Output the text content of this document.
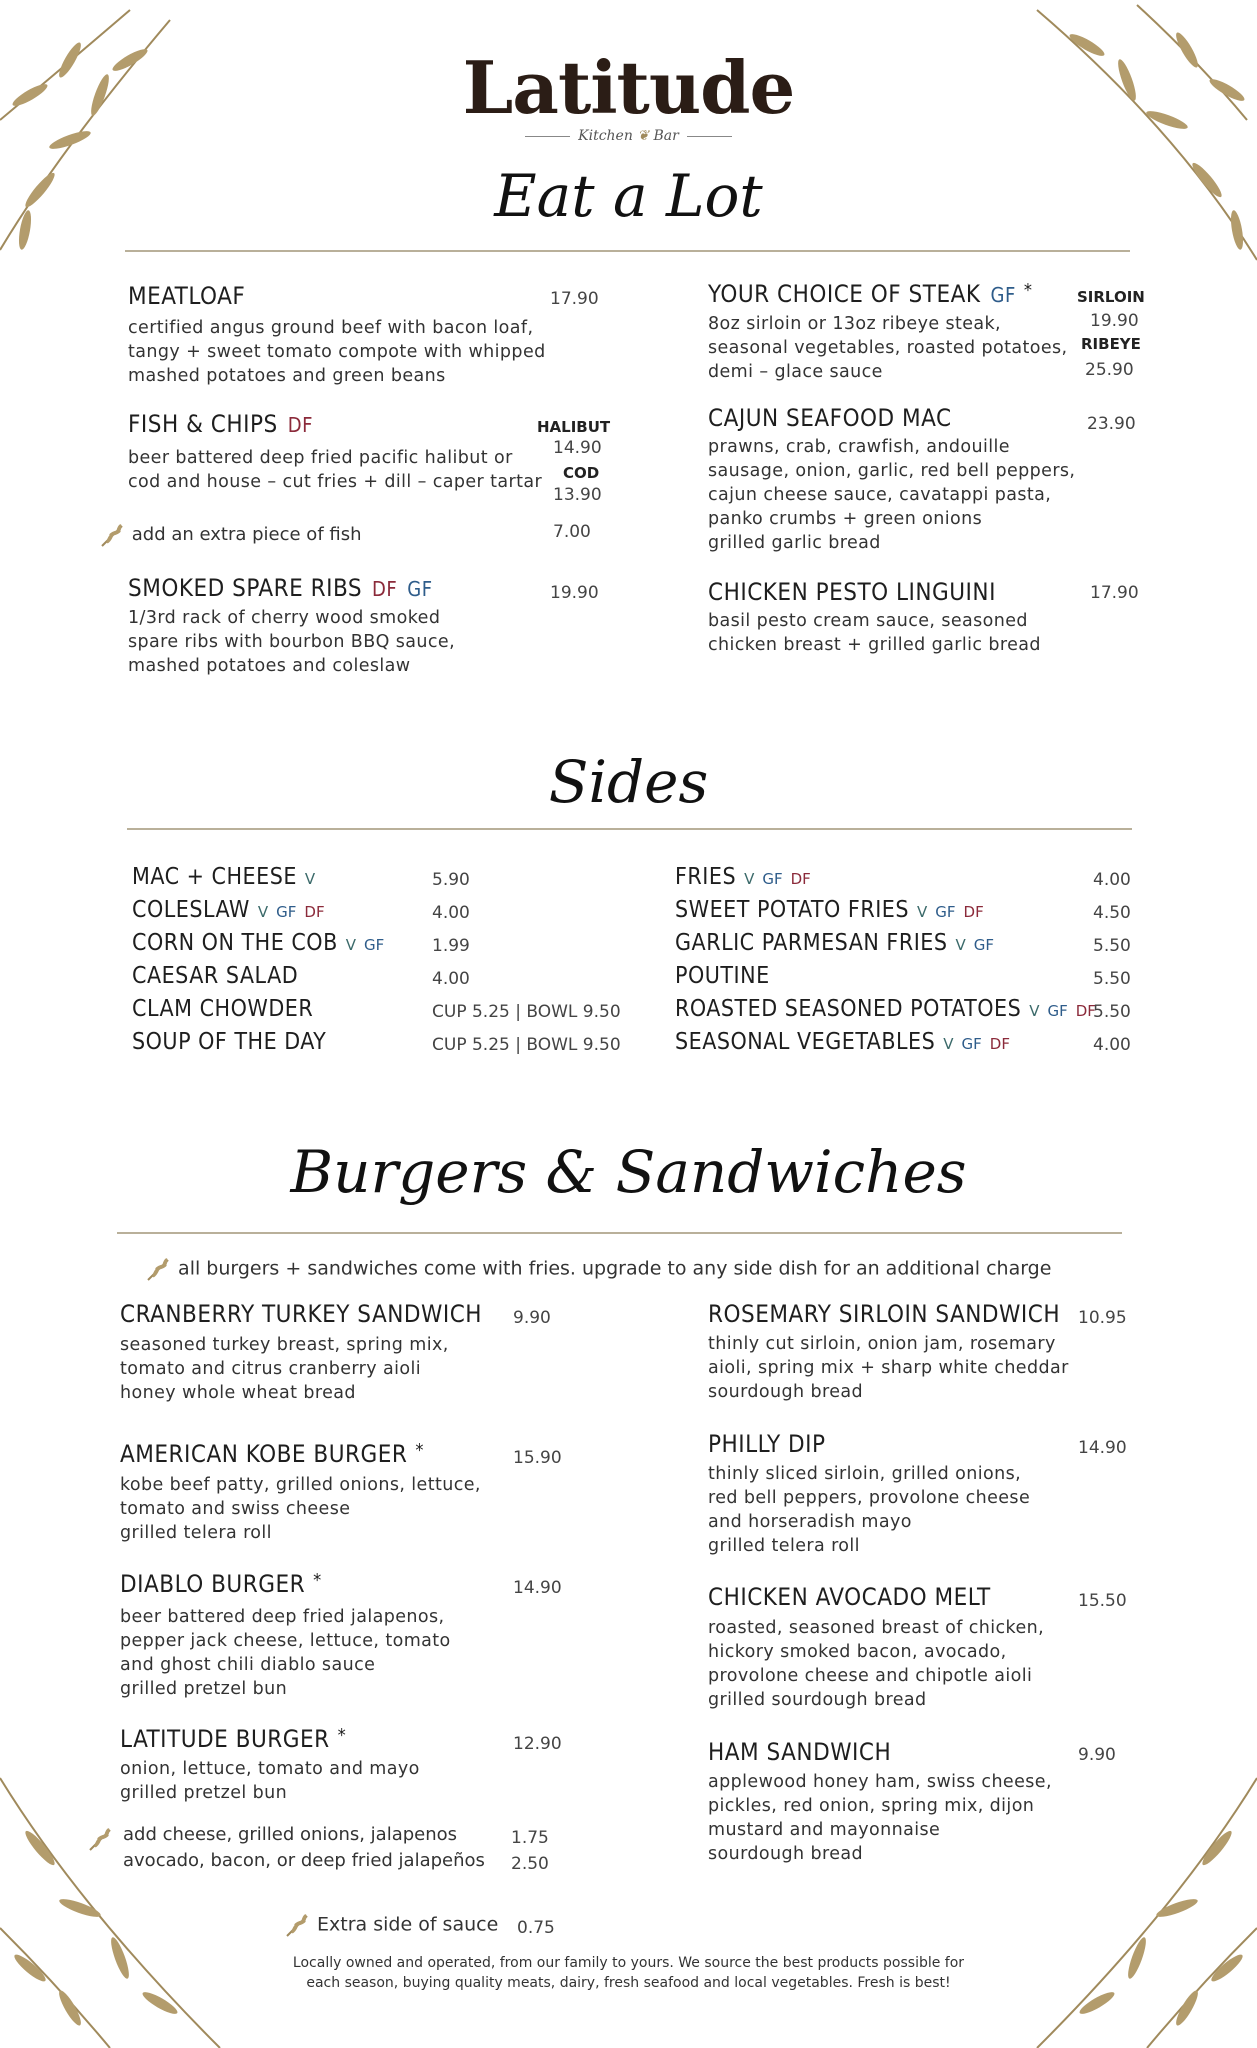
Latitude
Kitchen ❦ Bar
Eat a Lot
MEATLOAF	17.90
certified angus ground beef with bacon loaf,
tangy + sweet tomato compote with whipped
mashed potatoes and green beans
FISH & CHIPS DF	HALIBUT
14.90
COD
13.90
beer battered deep fried pacific halibut or
cod and house – cut fries + dill – caper tartar
add an extra piece of fish	7.00
SMOKED SPARE RIBS DF GF	19.90
1/3rd rack of cherry wood smoked
spare ribs with bourbon BBQ sauce,
mashed potatoes and coleslaw
YOUR CHOICE OF STEAK GF *	SIRLOIN
19.90
RIBEYE
25.90
8oz sirloin or 13oz ribeye steak,
seasonal vegetables, roasted potatoes,
demi – glace sauce
CAJUN SEAFOOD MAC	23.90
prawns, crab, crawfish, andouille
sausage, onion, garlic, red bell peppers,
cajun cheese sauce, cavatappi pasta,
panko crumbs + green onions
grilled garlic bread
CHICKEN PESTO LINGUINI	17.90
basil pesto cream sauce, seasoned
chicken breast + grilled garlic bread
Sides
MAC + CHEESE V	5.90
COLESLAW V GF DF	4.00
CORN ON THE COB V GF	1.99
CAESAR SALAD	4.00
CLAM CHOWDER	CUP 5.25 | BOWL 9.50
SOUP OF THE DAY	CUP 5.25 | BOWL 9.50
FRIES V GF DF	4.00
SWEET POTATO FRIES V GF DF	4.50
GARLIC PARMESAN FRIES V GF	5.50
POUTINE	5.50
ROASTED SEASONED POTATOES V GF DF
5.50
SEASONAL VEGETABLES V GF DF	4.00
Burgers & Sandwiches
all burgers + sandwiches come with fries. upgrade to any side dish for an additional charge
CRANBERRY TURKEY SANDWICH 9.90
seasoned turkey breast, spring mix,
tomato and citrus cranberry aioli
honey whole wheat bread
AMERICAN KOBE BURGER *	15.90
kobe beef patty, grilled onions, lettuce,
tomato and swiss cheese
grilled telera roll
DIABLO BURGER *	14.90
beer battered deep fried jalapenos,
pepper jack cheese, lettuce, tomato
and ghost chili diablo sauce
grilled pretzel bun
LATITUDE BURGER *	12.90
onion, lettuce, tomato and mayo
grilled pretzel bun
add cheese, grilled onions, jalapenos	1.75
avocado, bacon, or deep fried jalapeños 2.50
ROSEMARY SIRLOIN SANDWICH 10.95
thinly cut sirloin, onion jam, rosemary
aioli, spring mix + sharp white cheddar
sourdough bread
PHILLY DIP	14.90
thinly sliced sirloin, grilled onions,
red bell peppers, provolone cheese
and horseradish mayo
grilled telera roll
CHICKEN AVOCADO MELT	15.50
roasted, seasoned breast of chicken,
hickory smoked bacon, avocado,
provolone cheese and chipotle aioli
grilled sourdough bread
HAM SANDWICH	9.90
applewood honey ham, swiss cheese,
pickles, red onion, spring mix, dijon
mustard and mayonnaise
sourdough bread
Extra side of sauce 0.75
Locally owned and operated, from our family to yours. We source the best products possible for
each season, buying quality meats, dairy, fresh seafood and local vegetables. Fresh is best!
